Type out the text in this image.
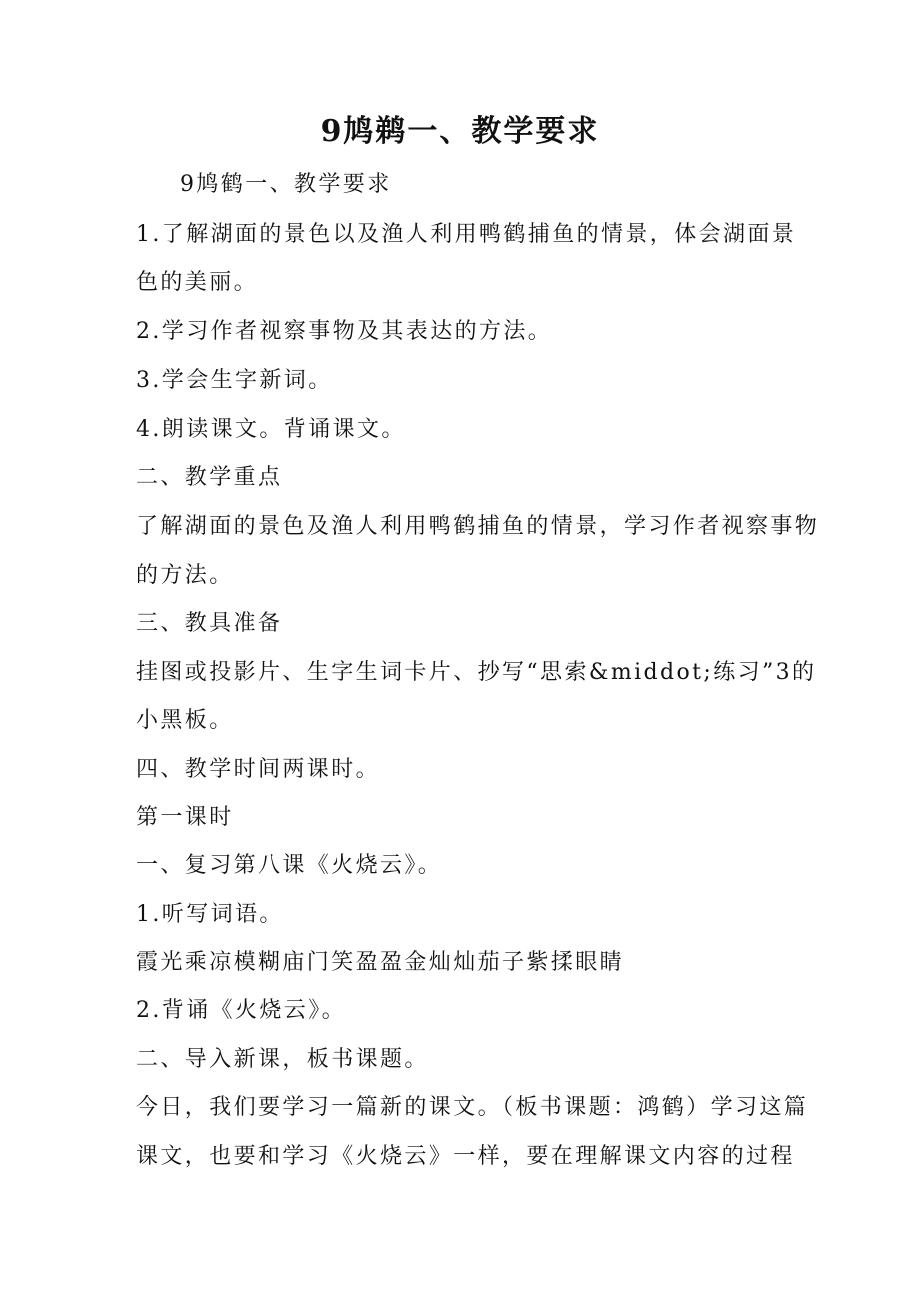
9鸠鹈一、教学要求
9鸠鹤一、教学要求
1.了解湖面的景色以及渔人利用鸭鹤捕鱼的情景，体会湖面景
色的美丽。
2.学习作者视察事物及其表达的方法。
3.学会生字新词。
4.朗读课文。背诵课文。
二、教学重点
了解湖面的景色及渔人利用鸭鹤捕鱼的情景，学习作者视察事物
的方法。
三、教具准备
挂图或投影片、生字生词卡片、抄写“思索&middot;练习”3的
小黑板。
四、教学时间两课时。
第一课时
一、复习第八课《火烧云》。
1.听写词语。
霞光乘凉模糊庙门笑盈盈金灿灿茄子紫揉眼睛
2.背诵《火烧云》。
二、导入新课，板书课题。
今日，我们要学习一篇新的课文。（板书课题：鸿鹤）学习这篇
课文，也要和学习《火烧云》一样，要在理解课文内容的过程
